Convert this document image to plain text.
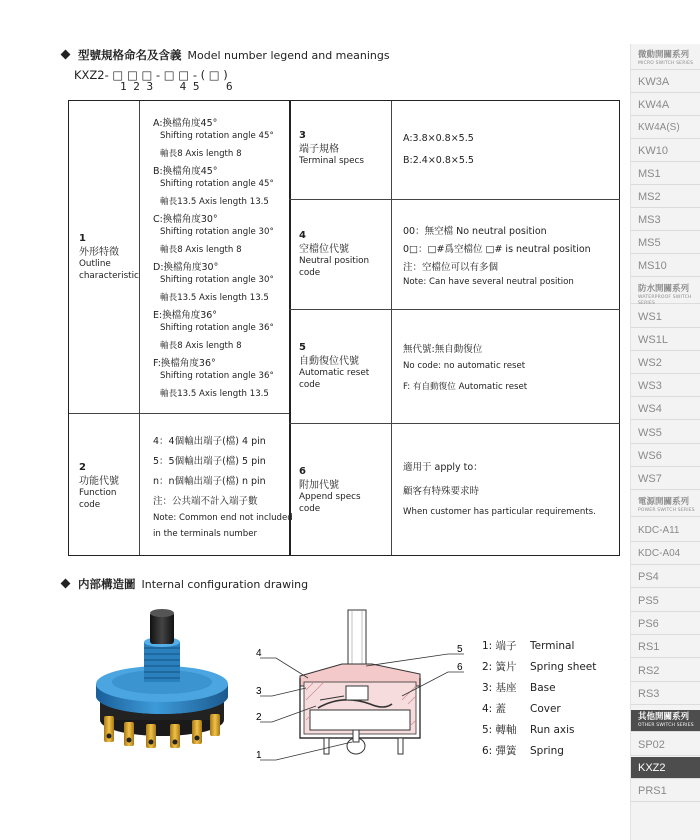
型號規格命名及含義 Model number legend and meanings
KXZ2- □ □ □ - □ □ - ( □ )
1 2 3    4 5    6
1
外形特徵
Outline
characteristic
A:換檔角度45°
Shifting rotation angle 45°
軸長8 Axis length 8
B:換檔角度45°
Shifting rotation angle 45°
軸長13.5 Axis length 13.5
C:換檔角度30°
Shifting rotation angle 30°
軸長8 Axis length 8
D:換檔角度30°
Shifting rotation angle 30°
軸長13.5 Axis length 13.5
E:換檔角度36°
Shifting rotation angle 36°
軸長8 Axis length 8
F:換檔角度36°
Shifting rotation angle 36°
軸長13.5 Axis length 13.5
2
功能代號
Function
code
4：4個輸出端子(檔) 4 pin
5：5個輸出端子(檔) 5 pin
n：n個輸出端子(檔) n pin
注：公共端不計入端子數
Note: Common end not included
in the terminals number
3
端子規格
Terminal specs
A:3.8×0.8×5.5
B:2.4×0.8×5.5
4
空檔位代號
Neutral position
code
00：無空檔 No neutral position
0□：□#爲空檔位 □# is neutral position
注：空檔位可以有多個
Note: Can have several neutral position
5
自動復位代號
Automatic reset
code
無代號:無自動復位
No code: no automatic reset
F: 有自動復位 Automatic reset
6
附加代號
Append specs
code
適用于 apply to：
顧客有特殊要求時
When customer has particular requirements.
内部構造圖 Internal configuration drawing
4
3
2
1
5
6
1: 端子 Terminal
2: 簧片 Spring sheet
3: 基座 Base
4: 蓋 Cover
5: 轉軸 Run axis
6: 彈簧 Spring
微動開關系列
MICRO SWITCH SERIES
KW3A
KW4A
KW4A(S)
KW10
MS1
MS2
MS3
MS5
MS10
防水開關系列
WATERPROOF SWITCH SERIES
WS1
WS1L
WS2
WS3
WS4
WS5
WS6
WS7
電源開關系列
POWER SWITCH SERIES
KDC-A11
KDC-A04
PS4
PS5
PS6
RS1
RS2
RS3
其他開關系列
OTHER SWITCH SERIES
SP02
KXZ2
PRS1
